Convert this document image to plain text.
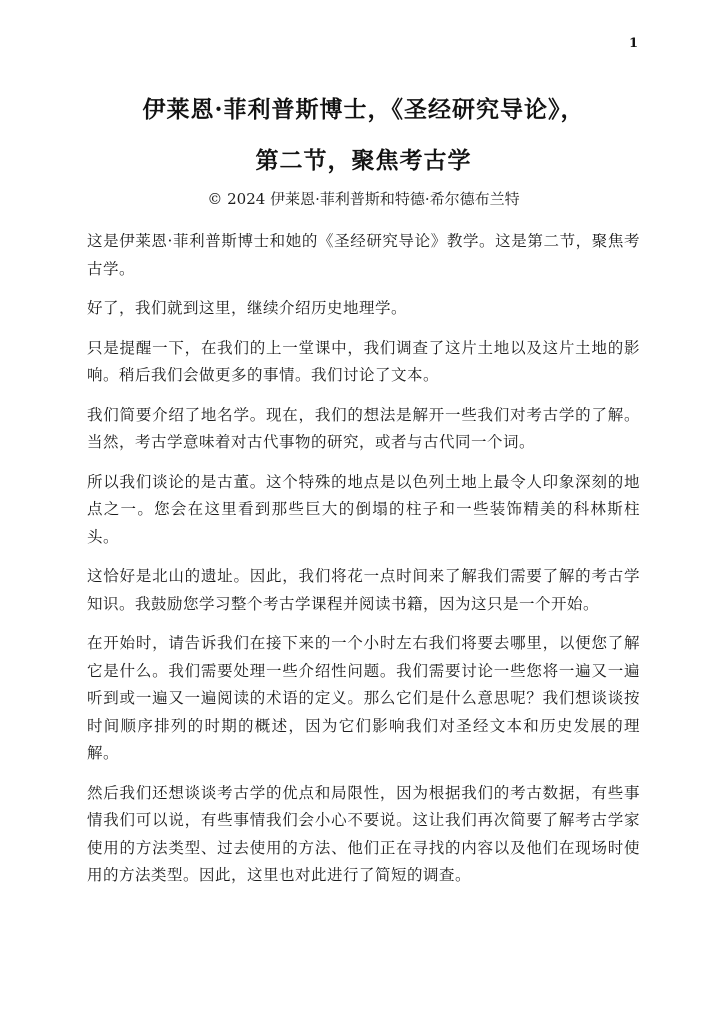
1
伊莱恩·菲利普斯博士，《圣经研究导论》，
第二节，聚焦考古学
© 2024 伊莱恩·菲利普斯和特德·希尔德布兰特

这是伊莱恩·菲利普斯博士和她的《圣经研究导论》教学。这是第二节，聚焦考古学。

好了，我们就到这里，继续介绍历史地理学。

只是提醒一下，在我们的上一堂课中，我们调查了这片土地以及这片土地的影响。稍后我们会做更多的事情。我们讨论了文本。

我们简要介绍了地名学。现在，我们的想法是解开一些我们对考古学的了解。当然，考古学意味着对古代事物的研究，或者与古代同一个词。

所以我们谈论的是古董。这个特殊的地点是以色列土地上最令人印象深刻的地点之一。您会在这里看到那些巨大的倒塌的柱子和一些装饰精美的科林斯柱头。

这恰好是北山的遗址。因此，我们将花一点时间来了解我们需要了解的考古学知识。我鼓励您学习整个考古学课程并阅读书籍，因为这只是一个开始。

在开始时，请告诉我们在接下来的一个小时左右我们将要去哪里，以便您了解它是什么。我们需要处理一些介绍性问题。我们需要讨论一些您将一遍又一遍听到或一遍又一遍阅读的术语的定义。那么它们是什么意思呢？我们想谈谈按时间顺序排列的时期的概述，因为它们影响我们对圣经文本和历史发展的理解。

然后我们还想谈谈考古学的优点和局限性，因为根据我们的考古数据，有些事情我们可以说，有些事情我们会小心不要说。这让我们再次简要了解考古学家使用的方法类型、过去使用的方法、他们正在寻找的内容以及他们在现场时使用的方法类型。因此，这里也对此进行了简短的调查。
